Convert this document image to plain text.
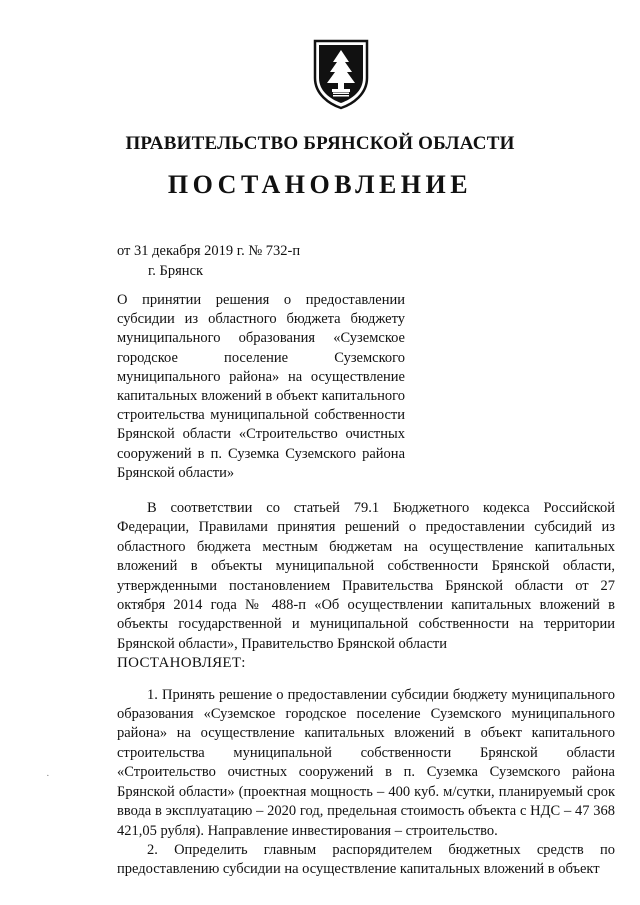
ПРАВИТЕЛЬСТВО БРЯНСКОЙ ОБЛАСТИ
ПОСТАНОВЛЕНИЕ
от 31 декабря 2019 г. № 732-п
г. Брянск
О принятии решения о предоставлении субсидии из областного бюджета бюджету муниципального образования «Суземское городское поселение Суземского муниципального района» на осуществление капитальных вложений в объект капитального строительства муниципальной собственности Брянской области «Строительство очистных сооружений в п. Суземка Суземского района Брянской области»

В соответствии со статьей 79.1 Бюджетного кодекса Российской Федерации, Правилами принятия решений о предоставлении субсидий из областного бюджета местным бюджетам на осуществление капитальных вложений в объекты муниципальной собственности Брянской области, утвержденными постановлением Правительства Брянской области от 27 октября 2014 года № 488-п «Об осуществлении капитальных вложений в объекты государственной и муниципальной собственности на территории Брянской области», Правительство Брянской области

ПОСТАНОВЛЯЕТ:

1. Принять решение о предоставлении субсидии бюджету муниципального образования «Суземское городское поселение Суземского муниципального района» на осуществление капитальных вложений в объект капитального строительства муниципальной собственности Брянской области «Строительство очистных сооружений в п. Суземка Суземского района Брянской области» (проектная мощность – 400 куб. м/сутки, планируемый срок ввода в эксплуатацию – 2020 год, предельная стоимость объекта с НДС – 47 368 421,05 рубля). Направление инвестирования – строительство.

2. Определить главным распорядителем бюджетных средств по предоставлению субсидии на осуществление капитальных вложений в объект

·
